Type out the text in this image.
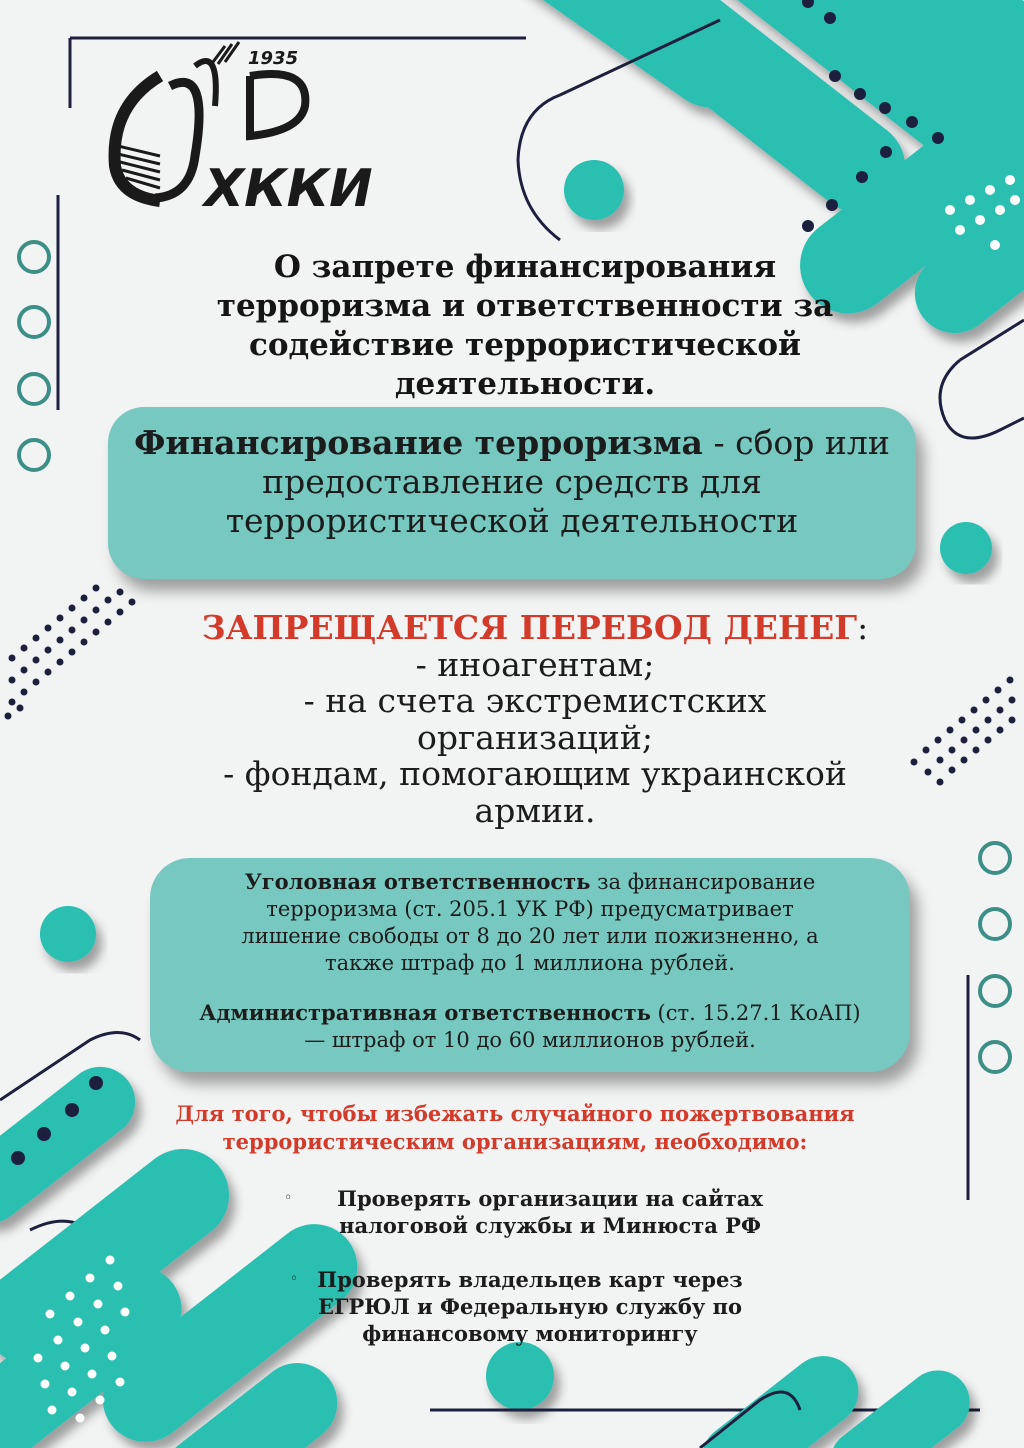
1935
ХККИ
О запрете финансирования
терроризма и ответственности за
содействие террористической
деятельности.

Финансирование терроризма - сбор или
предоставление средств для
террористической деятельности

ЗАПРЕЩАЕТСЯ ПЕРЕВОД ДЕНЕГ:
- иноагентам;
- на счета экстремистских
организаций;
- фондам, помогающим украинской
армии.

Уголовная ответственность за финансирование
терроризма (ст. 205.1 УК РФ) предусматривает
лишение свободы от 8 до 20 лет или пожизненно, а
также штраф до 1 миллиона рублей.

Административная ответственность (ст. 15.27.1 КоАП)
— штраф от 10 до 60 миллионов рублей.

Для того, чтобы избежать случайного пожертвования
террористическим организациям, необходимо:
◦	Проверять организации на сайтах
налоговой службы и Минюста РФ
◦ Проверять владельцев карт через
ЕГРЮЛ и Федеральную службу по
финансовому мониторингу
